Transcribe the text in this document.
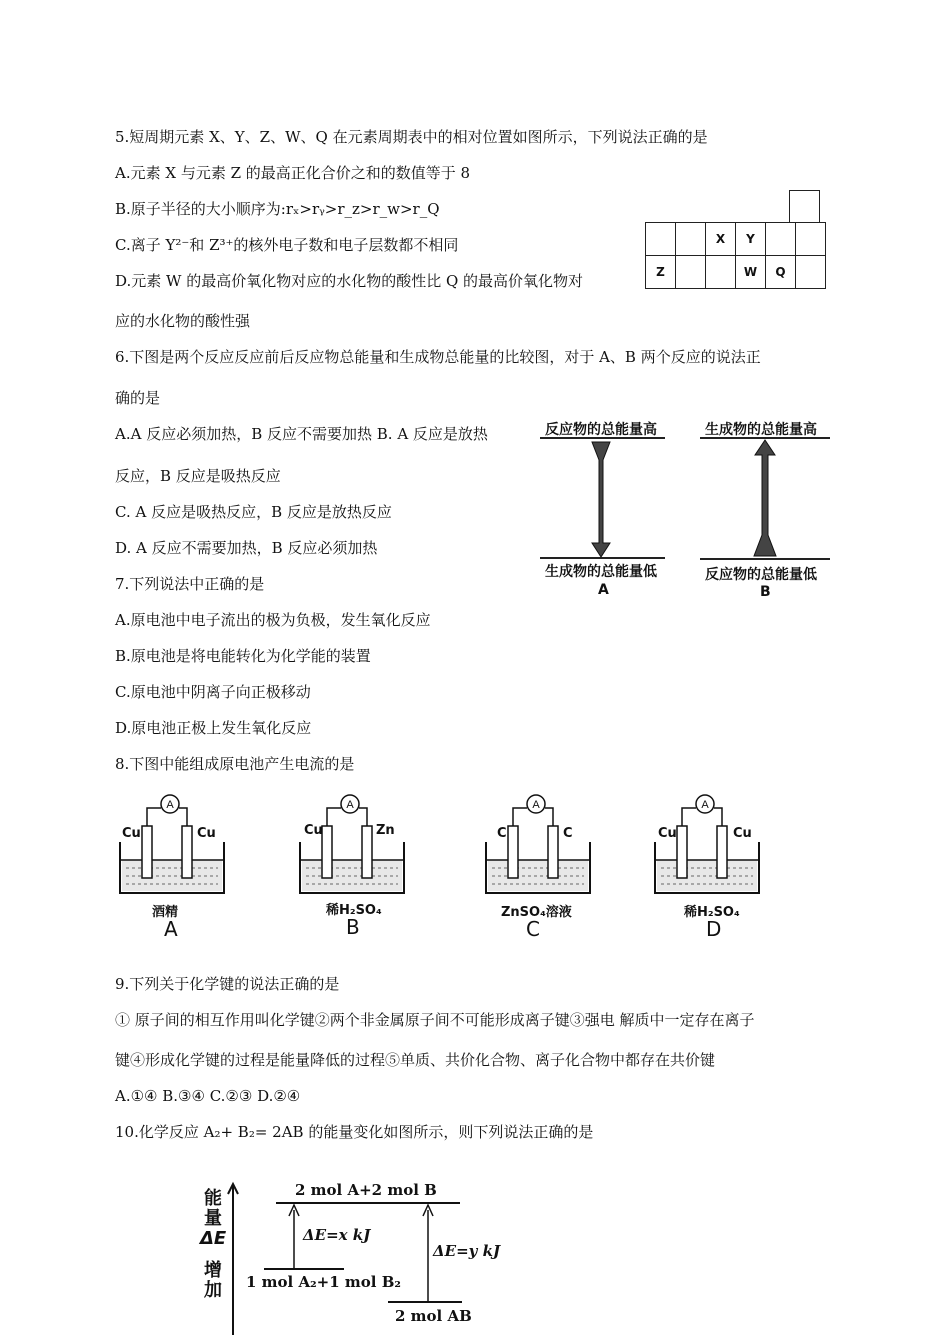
5.短周期元素 X、Y、Z、W、Q 在元素周期表中的相对位置如图所示，下列说法正确的是
A.元素 X 与元素 Z 的最高正化合价之和的数值等于 8
B.原子半径的大小顺序为:rₓ>rᵧ>r_z>r_w>r_Q
C.离子 Y²⁻和 Z³⁺的核外电子数和电子层数都不相同
D.元素 W 的最高价氧化物对应的水化物的酸性比 Q 的最高价氧化物对
应的水化物的酸性强
		X	Y		
Z			W	Q	
6.下图是两个反应反应前后反应物总能量和生成物总能量的比较图，对于 A、B 两个反应的说法正
确的是
A.A 反应必须加热，B 反应不需要加热 B. A 反应是放热
反应，B 反应是吸热反应
C. A 反应是吸热反应，B 反应是放热反应
D. A 反应不需要加热，B 反应必须加热
反应物的总能量高
生成物的总能量低
A
生成物的总能量高
反应物的总能量低
B
7.下列说法中正确的是
A.原电池中电子流出的极为负极，发生氧化反应
B.原电池是将电能转化为化学能的装置
C.原电池中阴离子向正极移动
D.原电池正极上发生氧化反应
8.下图中能组成原电池产生电流的是
A	A	A	A
Cu	Cu
酒精
A
Cu	Zn
稀H₂SO₄
B
C	C
ZnSO₄溶液
C
Cu	Cu
稀H₂SO₄
D
9.下列关于化学键的说法正确的是
① 原子间的相互作用叫化学键②两个非金属原子间不可能形成离子键③强电 解质中一定存在离子
键④形成化学键的过程是能量降低的过程⑤单质、共价化合物、离子化合物中都存在共价键
A.①④ B.③④ C.②③ D.②④
10.化学反应 A₂+ B₂= 2AB 的能量变化如图所示，则下列说法正确的是
能
量
ΔE
增
加
2 mol A+2 mol B
1 mol A₂+1 mol B₂
2 mol AB
ΔE=x kJ
ΔE=y kJ
